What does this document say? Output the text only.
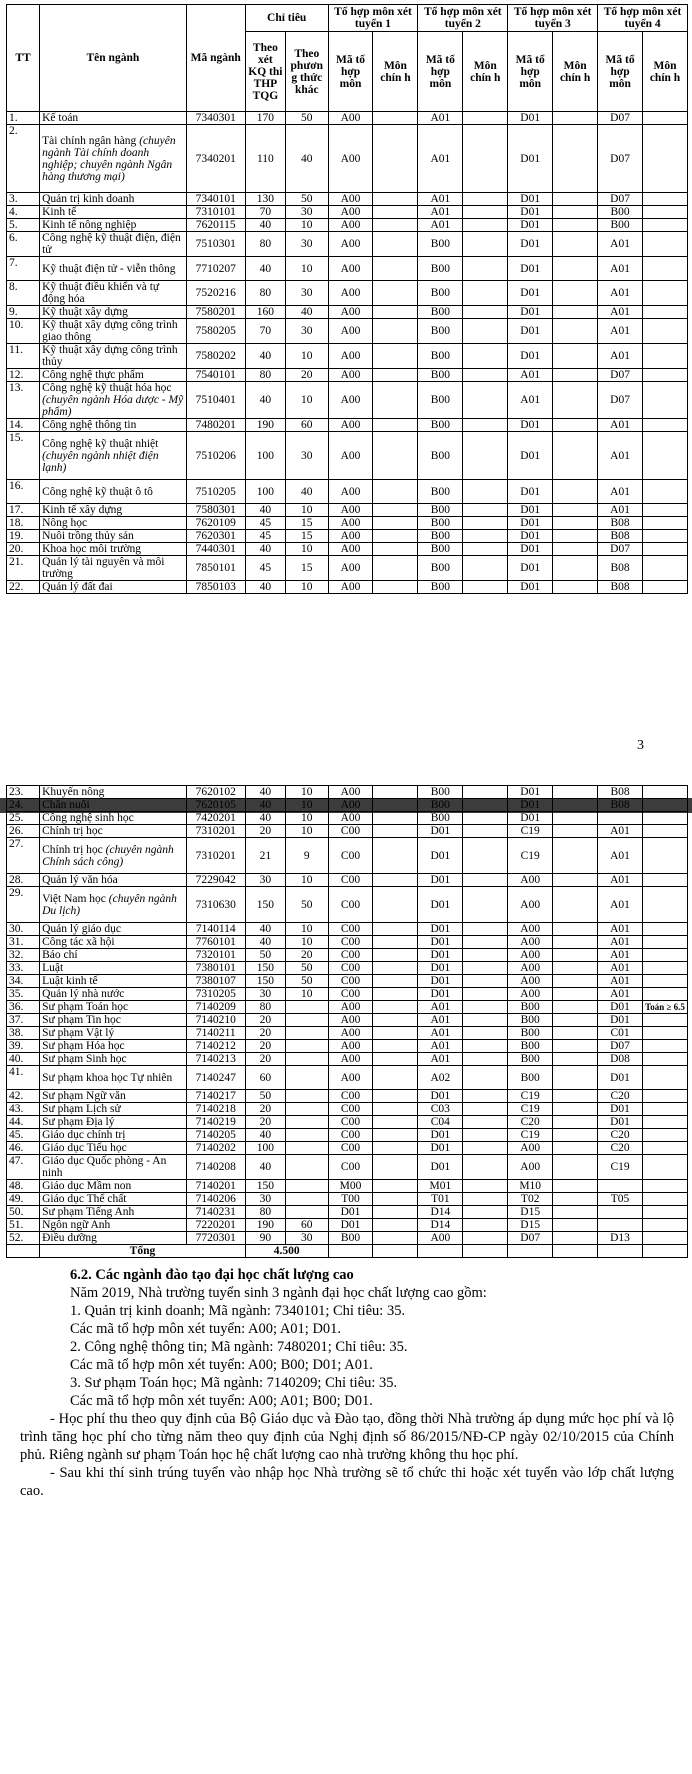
TT	Tên ngành	Mã ngành	Chỉ tiêu		Tổ hợp môn xét tuyển 1		Tổ hợp môn xét tuyển 2		Tổ hợp môn xét tuyển 3		Tổ hợp môn xét tuyển 4	
			Theo xét KQ thi THP TQG	Theo phươn g thức khác	Mã tổ hợp môn	Môn chín h	Mã tổ hợp môn	Môn chín h	Mã tổ hợp môn	Môn chín h	Mã tổ hợp môn	Môn chín h
1.	Kế toán	7340301	170	50	A00		A01		D01		D07	
2.	Tài chính ngân hàng (chuyên ngành Tài chính doanh nghiệp; chuyên ngành Ngân hàng thương mại)	7340201	110	40	A00		A01		D01		D07	
3.	Quản trị kinh doanh	7340101	130	50	A00		A01		D01		D07	
4.	Kinh tế	7310101	70	30	A00		A01		D01		B00	
5.	Kinh tế nông nghiệp	7620115	40	10	A00		A01		D01		B00	
6.	Công nghệ kỹ thuật điện, điện tử	7510301	80	30	A00		B00		D01		A01	
7.	Kỹ thuật điện tử - viễn thông	7710207	40	10	A00		B00		D01		A01	
8.	Kỹ thuật điều khiển và tự động hóa	7520216	80	30	A00		B00		D01		A01	
9.	Kỹ thuật xây dựng	7580201	160	40	A00		B00		D01		A01	
10.	Kỹ thuật xây dựng công trình giao thông	7580205	70	30	A00		B00		D01		A01	
11.	Kỹ thuật xây dựng công trình thủy	7580202	40	10	A00		B00		D01		A01	
12.	Công nghệ thực phẩm	7540101	80	20	A00		B00		A01		D07	
13.	Công nghệ kỹ thuật hóa học (chuyên ngành Hóa dược - Mỹ phẩm)	7510401	40	10	A00		B00		A01		D07	
14.	Công nghệ thông tin	7480201	190	60	A00		B00		D01		A01	
15.	Công nghệ kỹ thuật nhiệt (chuyên ngành nhiệt điện lạnh)	7510206	100	30	A00		B00		D01		A01	
16.	Công nghệ kỹ thuật ô tô	7510205	100	40	A00		B00		D01		A01	
17.	Kinh tế xây dựng	7580301	40	10	A00		B00		D01		A01	
18.	Nông học	7620109	45	15	A00		B00		D01		B08	
19.	Nuôi trồng thủy sản	7620301	45	15	A00		B00		D01		B08	
20.	Khoa học môi trường	7440301	40	10	A00		B00		D01		D07	
21.	Quản lý tài nguyên và môi trường	7850101	45	15	A00		B00		D01		B08	
22.	Quản lý đất đai	7850103	40	10	A00		B00		D01		B08	
3
23.	Khuyến nông	7620102	40	10	A00		B00		D01		B08	
24.	Chăn nuôi	7620105	40	10	A00		B00		D01		B08	
25.	Công nghệ sinh học	7420201	40	10	A00		B00		D01			
26.	Chính trị học	7310201	20	10	C00		D01		C19		A01	
27.	Chính trị học (chuyên ngành Chính sách công)	7310201	21	9	C00		D01		C19		A01	
28.	Quản lý văn hóa	7229042	30	10	C00		D01		A00		A01	
29.	Việt Nam học (chuyên ngành Du lịch)	7310630	150	50	C00		D01		A00		A01	
30.	Quản lý giáo dục	7140114	40	10	C00		D01		A00		A01	
31.	Công tác xã hội	7760101	40	10	C00		D01		A00		A01	
32.	Báo chí	7320101	50	20	C00		D01		A00		A01	
33.	Luật	7380101	150	50	C00		D01		A00		A01	
34.	Luật kinh tế	7380107	150	50	C00		D01		A00		A01	
35.	Quản lý nhà nước	7310205	30	10	C00		D01		A00		A01	
36.	Sư phạm Toán học	7140209	80		A00		A01		B00		D01	Toán ≥ 6.5
37.	Sư phạm Tin học	7140210	20		A00		A01		B00		D01	
38.	Sư phạm Vật lý	7140211	20		A00		A01		B00		C01	
39.	Sư phạm Hóa học	7140212	20		A00		A01		B00		D07	
40.	Sư phạm Sinh học	7140213	20		A00		A01		B00		D08	
41.	Sư phạm khoa học Tự nhiên	7140247	60		A00		A02		B00		D01	
42.	Sư phạm Ngữ văn	7140217	50		C00		D01		C19		C20	
43.	Sư phạm Lịch sử	7140218	20		C00		C03		C19		D01	
44.	Sư phạm Địa lý	7140219	20		C00		C04		C20		D01	
45.	Giáo dục chính trị	7140205	40		C00		D01		C19		C20	
46.	Giáo dục Tiểu học	7140202	100		C00		D01		A00		C20	
47.	Giáo dục Quốc phòng - An ninh	7140208	40		C00		D01		A00		C19	
48.	Giáo dục Mầm non	7140201	150		M00		M01		M10			
49.	Giáo dục Thể chất	7140206	30		T00		T01		T02		T05	
50.	Sư phạm Tiếng Anh	7140231	80		D01		D14		D15			
51.	Ngôn ngữ Anh	7220201	190	60	D01		D14		D15			
52.	Điều dưỡng	7720301	90	30	B00		A00		D07		D13	
	Tổng		4.500									

6.2. Các ngành đào tạo đại học chất lượng cao

Năm 2019, Nhà trường tuyển sinh 3 ngành đại học chất lượng cao gồm:

1. Quản trị kinh doanh; Mã ngành: 7340101; Chỉ tiêu: 35.

Các mã tổ hợp môn xét tuyển: A00; A01; D01.

2. Công nghệ thông tin; Mã ngành: 7480201; Chỉ tiêu: 35.

Các mã tổ hợp môn xét tuyển: A00; B00; D01; A01.

3. Sư phạm Toán học; Mã ngành: 7140209; Chỉ tiêu: 35.

Các mã tổ hợp môn xét tuyển: A00; A01; B00; D01.

- Học phí thu theo quy định của Bộ Giáo dục và Đào tạo, đồng thời Nhà trường áp dụng mức học phí và lộ trình tăng học phí cho từng năm theo quy định của Nghị định số 86/2015/NĐ-CP ngày 02/10/2015 của Chính phủ. Riêng ngành sư phạm Toán học hệ chất lượng cao nhà trường không thu học phí.

- Sau khi thí sinh trúng tuyển vào nhập học Nhà trường sẽ tổ chức thi hoặc xét tuyển vào lớp chất lượng cao.
